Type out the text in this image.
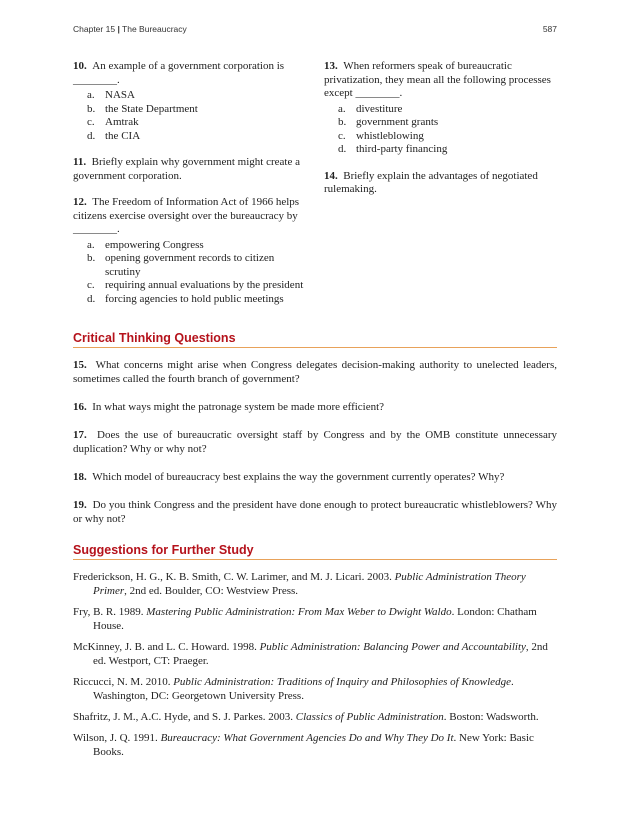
Chapter 15 | The Bureaucracy	587
10. An example of a government corporation is ________.
a. NASA
b. the State Department
c. Amtrak
d. the CIA
11. Briefly explain why government might create a government corporation.
12. The Freedom of Information Act of 1966 helps citizens exercise oversight over the bureaucracy by ________.
a. empowering Congress
b. opening government records to citizen scrutiny
c. requiring annual evaluations by the president
d. forcing agencies to hold public meetings
13. When reformers speak of bureaucratic privatization, they mean all the following processes except ________.
a. divestiture
b. government grants
c. whistleblowing
d. third-party financing
14. Briefly explain the advantages of negotiated rulemaking.
Critical Thinking Questions
15. What concerns might arise when Congress delegates decision-making authority to unelected leaders, sometimes called the fourth branch of government?
16. In what ways might the patronage system be made more efficient?
17. Does the use of bureaucratic oversight staff by Congress and by the OMB constitute unnecessary duplication? Why or why not?
18. Which model of bureaucracy best explains the way the government currently operates? Why?
19. Do you think Congress and the president have done enough to protect bureaucratic whistleblowers? Why or why not?
Suggestions for Further Study
Frederickson, H. G., K. B. Smith, C. W. Larimer, and M. J. Licari. 2003. Public Administration Theory Primer, 2nd ed. Boulder, CO: Westview Press.
Fry, B. R. 1989. Mastering Public Administration: From Max Weber to Dwight Waldo. London: Chatham House.
McKinney, J. B. and L. C. Howard. 1998. Public Administration: Balancing Power and Accountability, 2nd ed. Westport, CT: Praeger.
Riccucci, N. M. 2010. Public Administration: Traditions of Inquiry and Philosophies of Knowledge. Washington, DC: Georgetown University Press.
Shafritz, J. M., A.C. Hyde, and S. J. Parkes. 2003. Classics of Public Administration. Boston: Wadsworth.
Wilson, J. Q. 1991. Bureaucracy: What Government Agencies Do and Why They Do It. New York: Basic Books.
